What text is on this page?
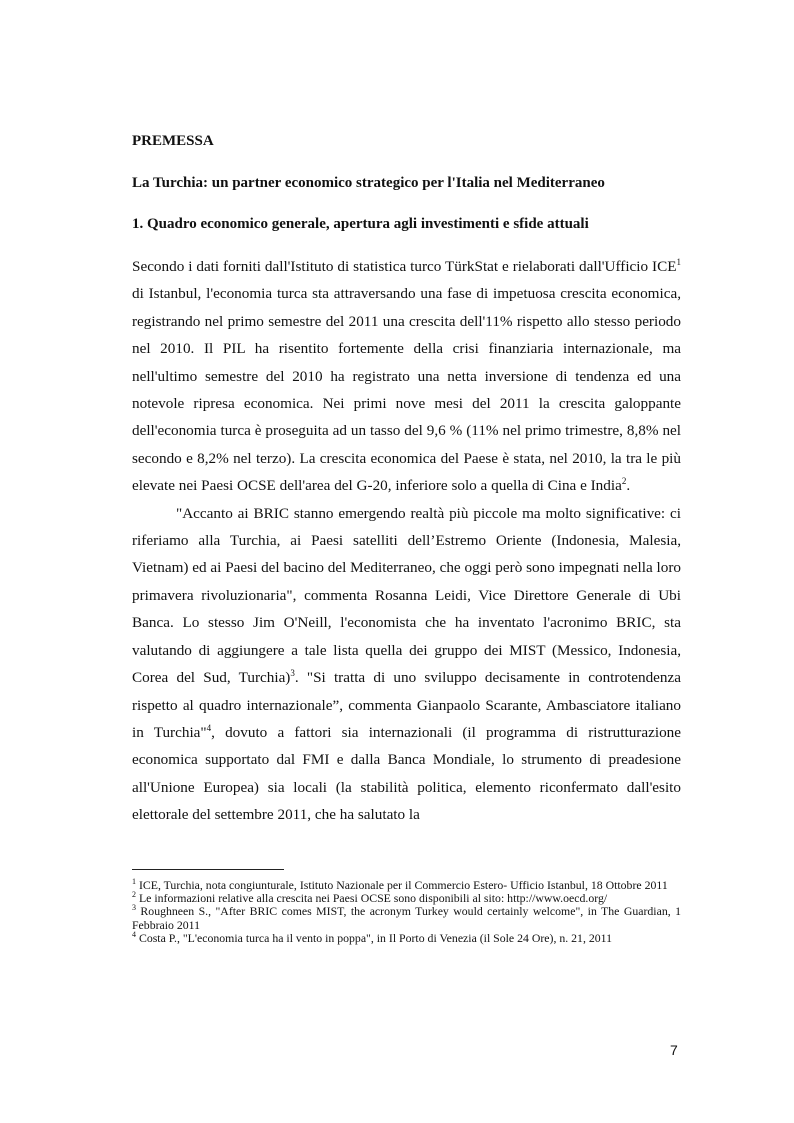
PREMESSA
La Turchia: un partner economico strategico per l'Italia nel Mediterraneo
1. Quadro economico generale, apertura agli investimenti e sfide attuali

Secondo i dati forniti dall'Istituto di statistica turco TürkStat e rielaborati dall'Ufficio ICE$^1$ di Istanbul, l'economia turca sta attraversando una fase di impetuosa crescita economica, registrando nel primo semestre del 2011 una crescita dell'11% rispetto allo stesso periodo nel 2010. Il PIL ha risentito fortemente della crisi finanziaria internazionale, ma nell'ultimo semestre del 2010 ha registrato una netta inversione di tendenza ed una notevole ripresa economica. Nei primi nove mesi del 2011 la crescita galoppante dell'economia turca è proseguita ad un tasso del 9,6 % (11% nel primo trimestre, 8,8% nel secondo e 8,2% nel terzo). La crescita economica del Paese è stata, nel 2010, la tra le più elevate nei Paesi OCSE dell'area del G-20, inferiore solo a quella di Cina e India$^2$.

"Accanto ai BRIC stanno emergendo realtà più piccole ma molto significative: ci riferiamo alla Turchia, ai Paesi satelliti dell’Estremo Oriente (Indonesia, Malesia, Vietnam) ed ai Paesi del bacino del Mediterraneo, che oggi però sono impegnati nella loro primavera rivoluzionaria", commenta Rosanna Leidi, Vice Direttore Generale di Ubi Banca. Lo stesso Jim O'Neill, l'economista che ha inventato l'acronimo BRIC, sta valutando di aggiungere a tale lista quella dei gruppo dei MIST (Messico, Indonesia, Corea del Sud, Turchia)$^3$. "Si tratta di uno sviluppo decisamente in controtendenza rispetto al quadro internazionale”, commenta Gianpaolo Scarante, Ambasciatore italiano in Turchia"$^4$, dovuto a fattori sia internazionali (il programma di ristrutturazione economica supportato dal FMI e dalla Banca Mondiale, lo strumento di preadesione all'Unione Europea) sia locali (la stabilità politica, elemento riconfermato dall'esito elettorale del settembre 2011, che ha salutato la

$^1$ ICE, Turchia, nota congiunturale, Istituto Nazionale per il Commercio Estero- Ufficio Istanbul, 18 Ottobre 2011

$^2$ Le informazioni relative alla crescita nei Paesi OCSE sono disponibili al sito: http://www.oecd.org/

$^3$ Roughneen S., "After BRIC comes MIST, the acronym Turkey would certainly welcome", in The Guardian, 1 Febbraio 2011

$^4$ Costa P., "L'economia turca ha il vento in poppa", in Il Porto di Venezia (il Sole 24 Ore), n. 21, 2011

7
